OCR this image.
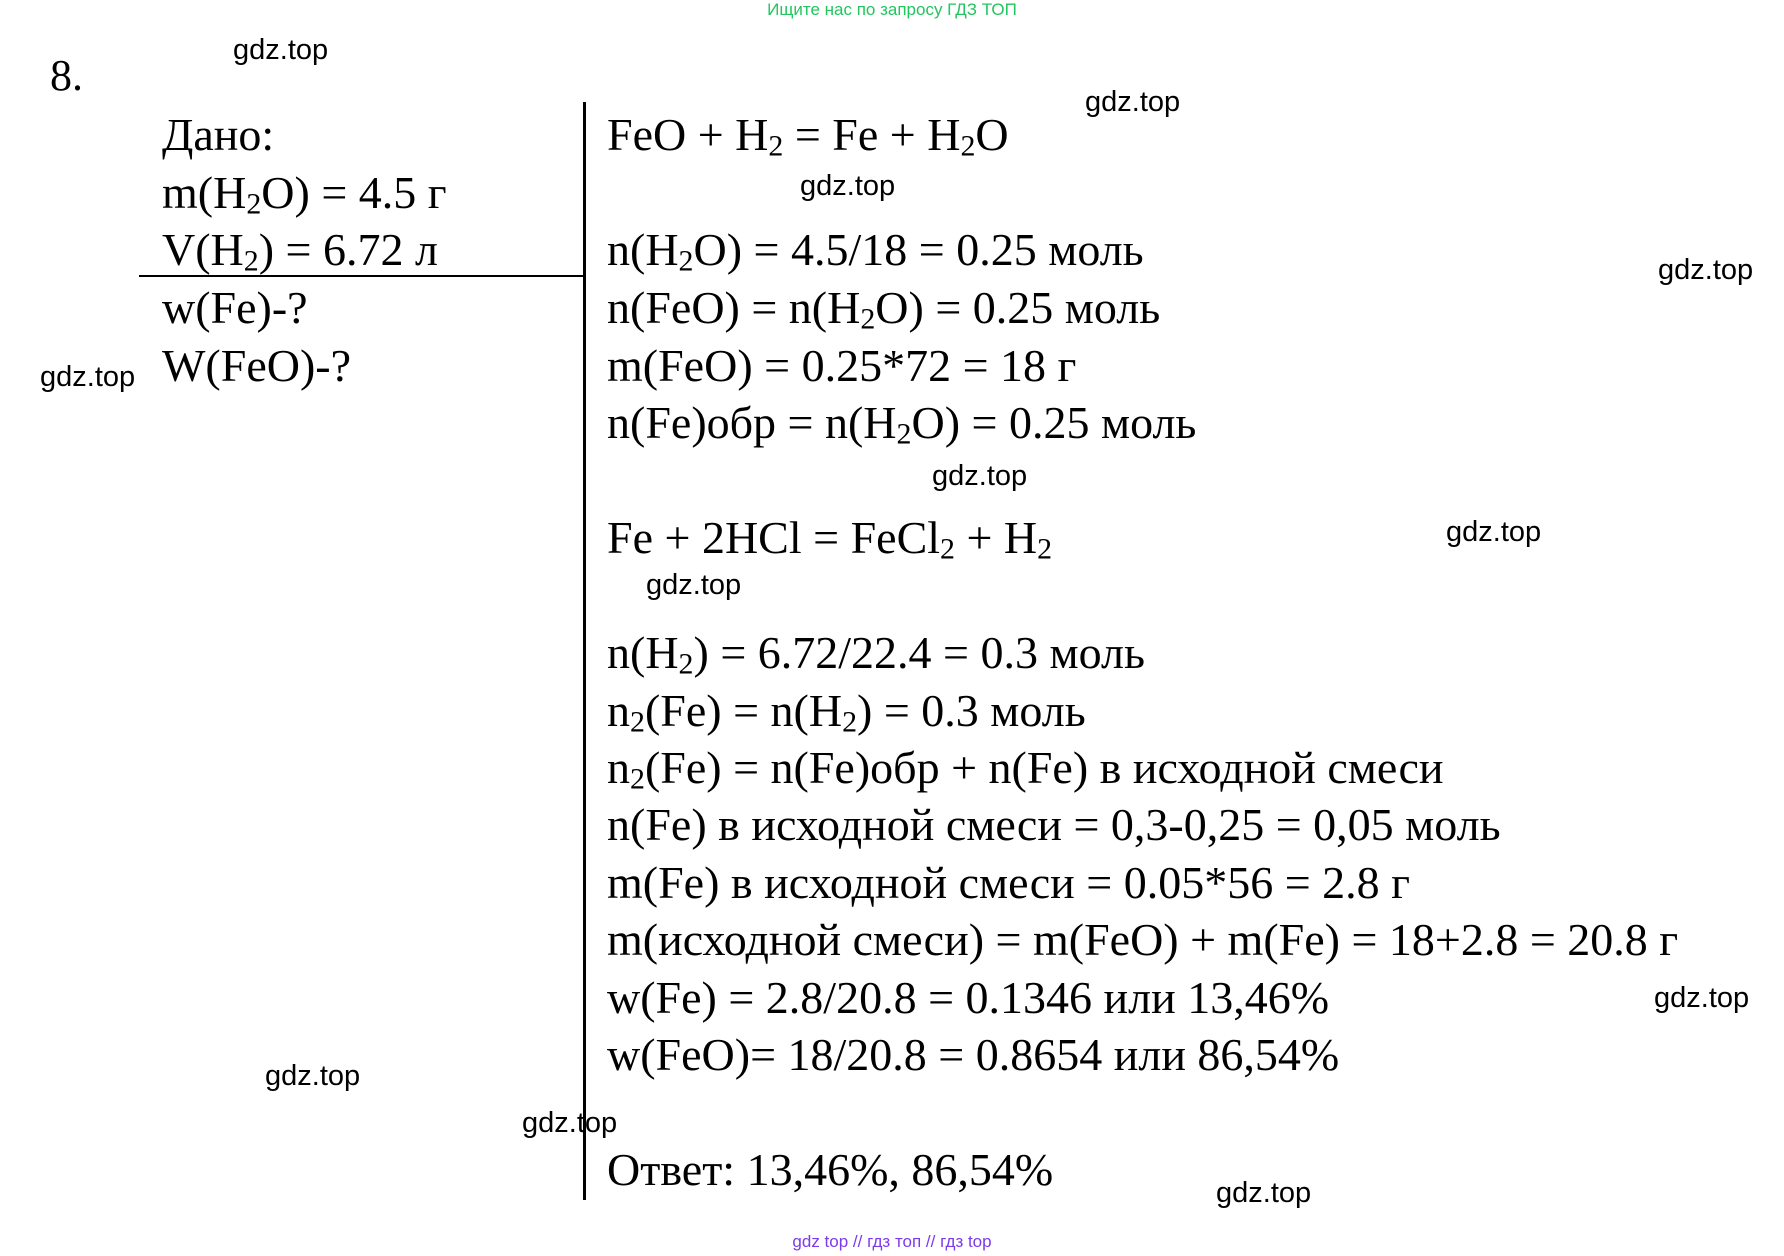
Ищите нас по запросу ГДЗ ТОП
8.
Дано:
$m(H_2O) = 4.5$ г
$V(H_2) = 6.72$ л
w(Fe)-?
W(FeO)-?
FeO + $H_2 = Fe + H_2O$
$n(H_2O) = 4.5/18 = 0.25$ моль
$n(FeO) = n(H_2O) = 0.25$ моль
m(FeO) = 0.25*72 = 18 г
$n(Fe)обр = n(H_2O) = 0.25$ моль
Fe + 2HCl = FeCl$_2$ + $H_2$
$n(H_2) = 6.72/22.4 = 0.3$ моль
$n_2(Fe) = n(H_2) = 0.3$ моль
$n_2(Fe) = n(Fe)обр + n(Fe)$ в исходной смеси
n(Fe) в исходной смеси = 0,3-0,25 = 0,05 моль
m(Fe) в исходной смеси = 0.05*56 = 2.8 г
m(исходной смеси) = m(FeO) + m(Fe) = 18+2.8 = 20.8 г
w(Fe) = 2.8/20.8 = 0.1346 или 13,46%
w(FeO)= 18/20.8 = 0.8654 или 86,54%
Ответ: 13,46%, 86,54%
gdz.top
gdz.top
gdz.top
gdz.top
gdz.top
gdz.top
gdz.top
gdz.top
gdz.top
gdz.top
gdz.top
gdz.top
gdz top // гдз топ // гдз top
